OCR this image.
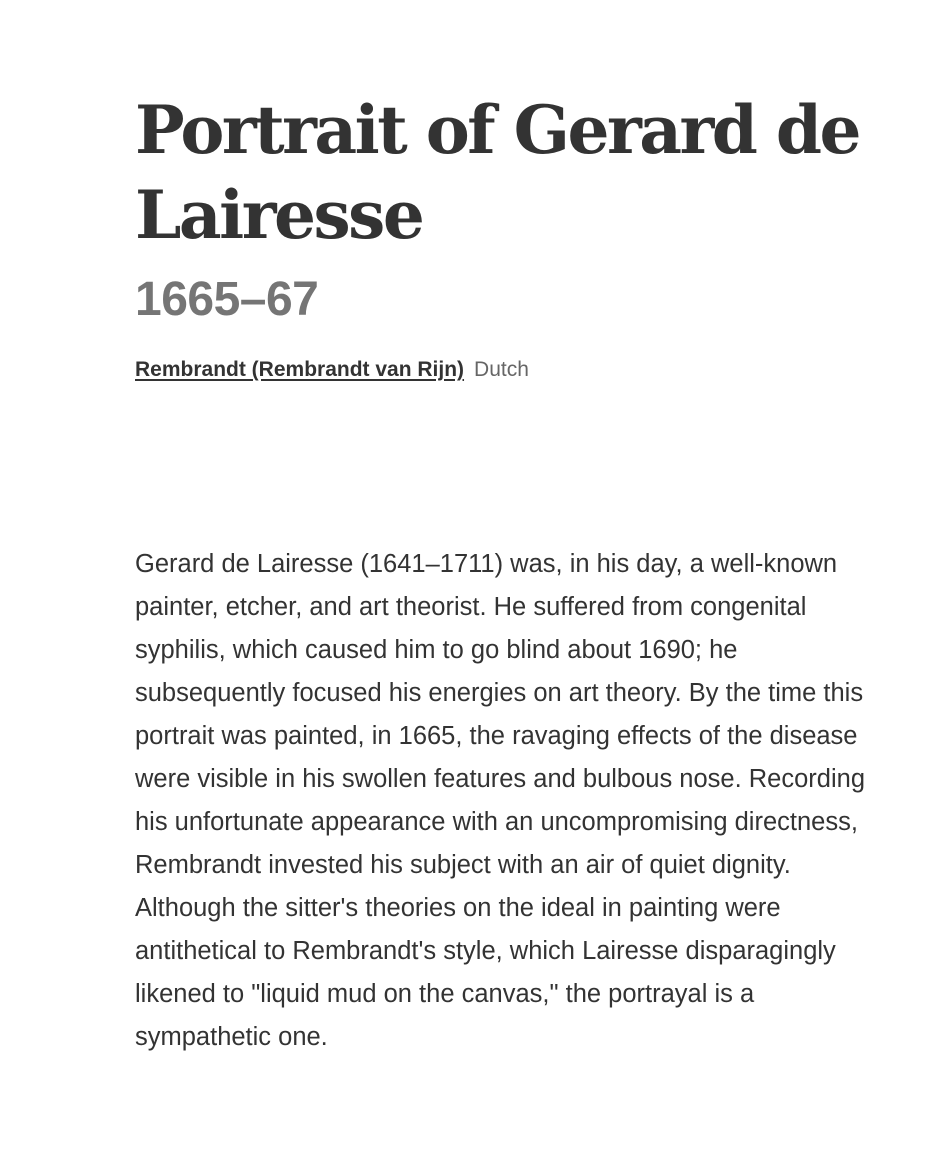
Portrait of Gerard de Lairesse
1665–67
Rembrandt (Rembrandt van Rijn) Dutch

Gerard de Lairesse (1641–1711) was, in his day, a well-known painter, etcher, and art theorist. He suffered from congenital syphilis, which caused him to go blind about 1690; he subsequently focused his energies on art theory. By the time this portrait was painted, in 1665, the ravaging effects of the disease were visible in his swollen features and bulbous nose. Recording his unfortunate appearance with an uncompromising directness, Rembrandt invested his subject with an air of quiet dignity. Although the sitter's theories on the ideal in painting were antithetical to Rembrandt's style, which Lairesse disparagingly likened to "liquid mud on the canvas," the portrayal is a sympathetic one.
